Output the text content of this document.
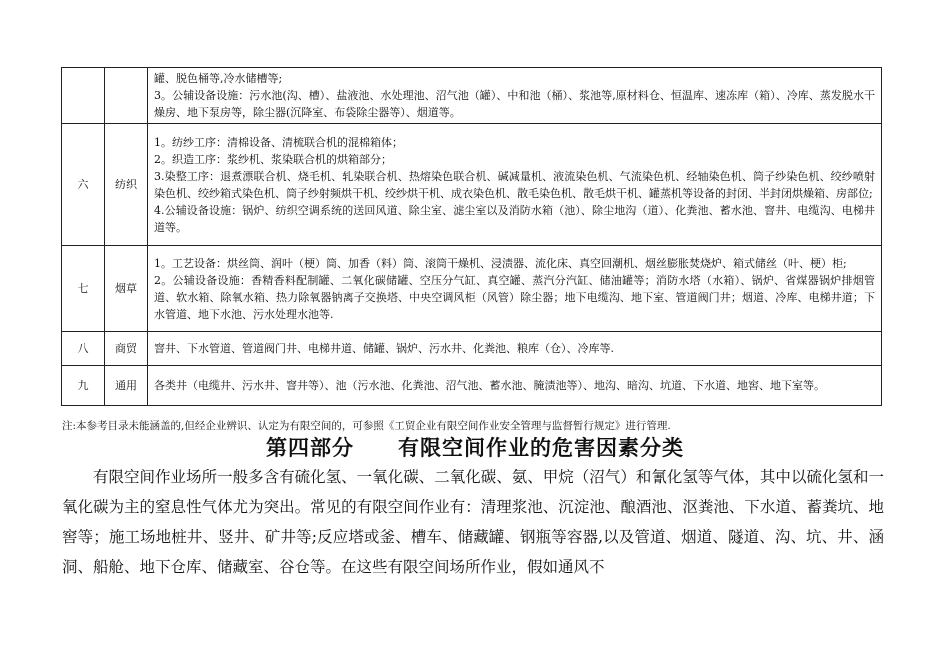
		罐、脱色桶等,冷水储槽等;

3。公辅设备设施：污水池(沟、槽）、盐液池、水处理池、沼气池（罐）、中和池（桶）、浆池等,原材料仓、恒温库、速冻库（箱）、冷库、蒸发脱水干燥房、地下泵房等，除尘器(沉降室、布袋除尘器等）、烟道等。

六	纺织	1。纺纱工序：清棉设备、清梳联合机的混棉箱体；

2。织造工序：浆纱机、浆染联合机的烘箱部分；

3.染整工序：退煮漂联合机、烧毛机、轧染联合机、热熔染色联合机、碱减量机、液流染色机、气流染色机、经轴染色机、筒子纱染色机、绞纱喷射染色机、绞纱箱式染色机、筒子纱射频烘干机、绞纱烘干机、成衣染色机、散毛染色机、散毛烘干机、罐蒸机等设备的封闭、半封闭烘燥箱、房部位;

4.公辅设备设施：锅炉、纺织空调系统的送回风道、除尘室、滤尘室以及消防水箱（池）、除尘地沟（道）、化粪池、蓄水池、窨井、电缆沟、电梯井道等。

七	烟草	1。工艺设备：烘丝筒、润叶（梗）筒、加香（料）筒、滚筒干燥机、浸渍器、流化床、真空回潮机、烟丝膨胀焚烧炉、箱式储丝（叶、梗）柜;

2。公辅设备设施：香精香料配制罐、二氧化碳储罐、空压分气缸、真空罐、蒸汽分汽缸、储油罐等；消防水塔（水箱）、锅炉、省煤器锅炉排烟管道、软水箱、除氧水箱、热力除氧器钠离子交换塔、中央空调风柜（风管）除尘器；地下电缆沟、地下室、管道阀门井；烟道、冷库、电梯井道；下水管道、地下水池、污水处理水池等.

八	商贸	窨井、下水管道、管道阀门井、电梯井道、储罐、锅炉、污水井、化粪池、粮库（仓）、冷库等.

九	通用	各类井（电缆井、污水井、窨井等）、池（污水池、化粪池、沼气池、蓄水池、腌渍池等）、地沟、暗沟、坑道、下水道、地窖、地下室等。

注:本参考目录未能涵盖的,但经企业辨识、认定为有限空间的，可参照《工贸企业有限空间作业安全管理与监督暂行规定》进行管理.
第四部分 有限空间作业的危害因素分类

有限空间作业场所一般多含有硫化氢、一氧化碳、二氧化碳、氨、甲烷（沼气）和氰化氢等气体，其中以硫化氢和一氧化碳为主的窒息性气体尤为突出。常见的有限空间作业有：清理浆池、沉淀池、酿酒池、沤粪池、下水道、蓄粪坑、地窖等；施工场地桩井、竖井、矿井等;反应塔或釜、槽车、储藏罐、钢瓶等容器,以及管道、烟道、隧道、沟、坑、井、涵洞、船舱、地下仓库、储藏室、谷仓等。在这些有限空间场所作业，假如通风不
